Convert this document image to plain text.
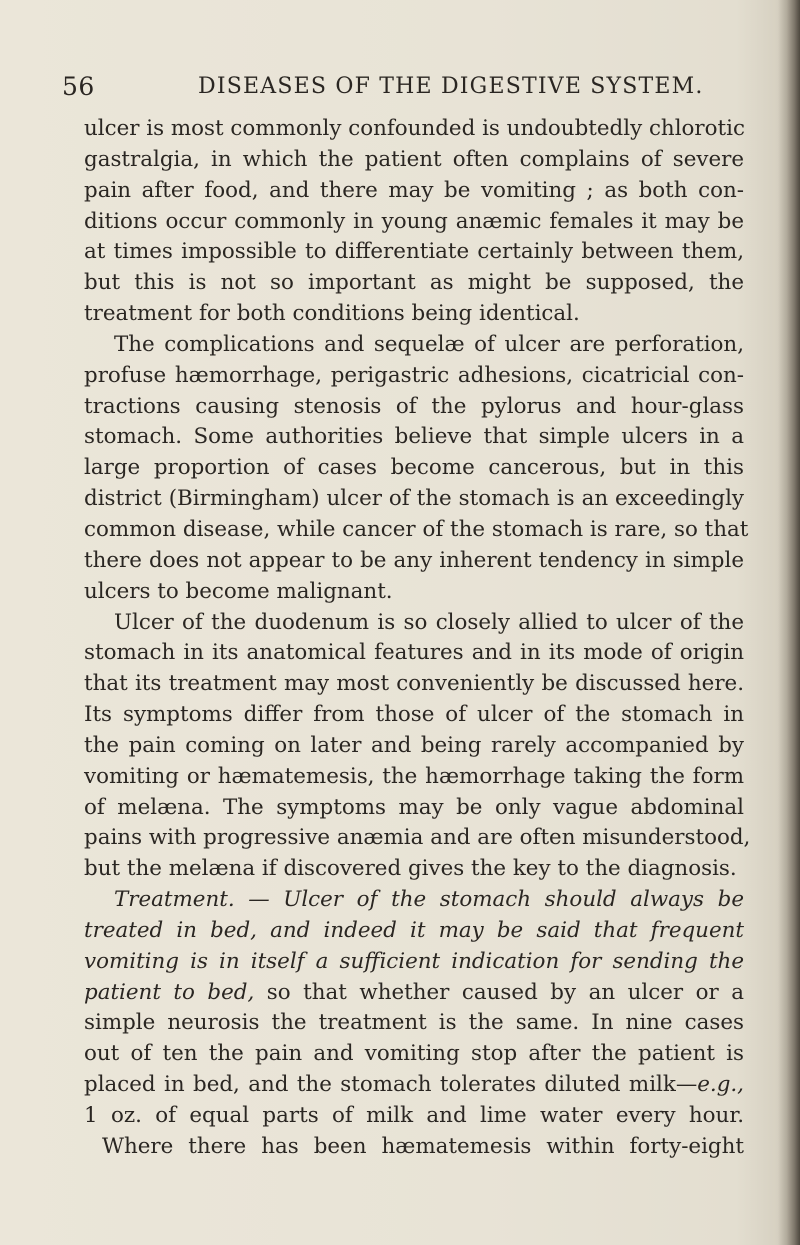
56	DISEASES OF THE DIGESTIVE SYSTEM.
ulcer is most commonly confounded is undoubtedly chlorotic
gastralgia, in which the patient often complains of severe
pain after food, and there may be vomiting ; as both con-
ditions occur commonly in young anæmic females it may be
at times impossible to differentiate certainly between them,
but this is not so important as might be supposed, the
treatment for both conditions being identical.
The complications and sequelæ of ulcer are perforation,
profuse hæmorrhage, perigastric adhesions, cicatricial con-
tractions causing stenosis of the pylorus and hour-glass
stomach. Some authorities believe that simple ulcers in a
large proportion of cases become cancerous, but in this
district (Birmingham) ulcer of the stomach is an exceedingly
common disease, while cancer of the stomach is rare, so that
there does not appear to be any inherent tendency in simple
ulcers to become malignant.
Ulcer of the duodenum is so closely allied to ulcer of the
stomach in its anatomical features and in its mode of origin
that its treatment may most conveniently be discussed here.
Its symptoms differ from those of ulcer of the stomach in
the pain coming on later and being rarely accompanied by
vomiting or hæmatemesis, the hæmorrhage taking the form
of melæna. The symptoms may be only vague abdominal
pains with progressive anæmia and are often misunderstood,
but the melæna if discovered gives the key to the diagnosis.
Treatment. — Ulcer of the stomach should always be
treated in bed, and indeed it may be said that frequent
vomiting is in itself a sufficient indication for sending the
patient to bed, so that whether caused by an ulcer or a
simple neurosis the treatment is the same. In nine cases
out of ten the pain and vomiting stop after the patient is
placed in bed, and the stomach tolerates diluted milk—e.g.,
1 oz. of equal parts of milk and lime water every hour.
Where there has been hæmatemesis within forty-eight
